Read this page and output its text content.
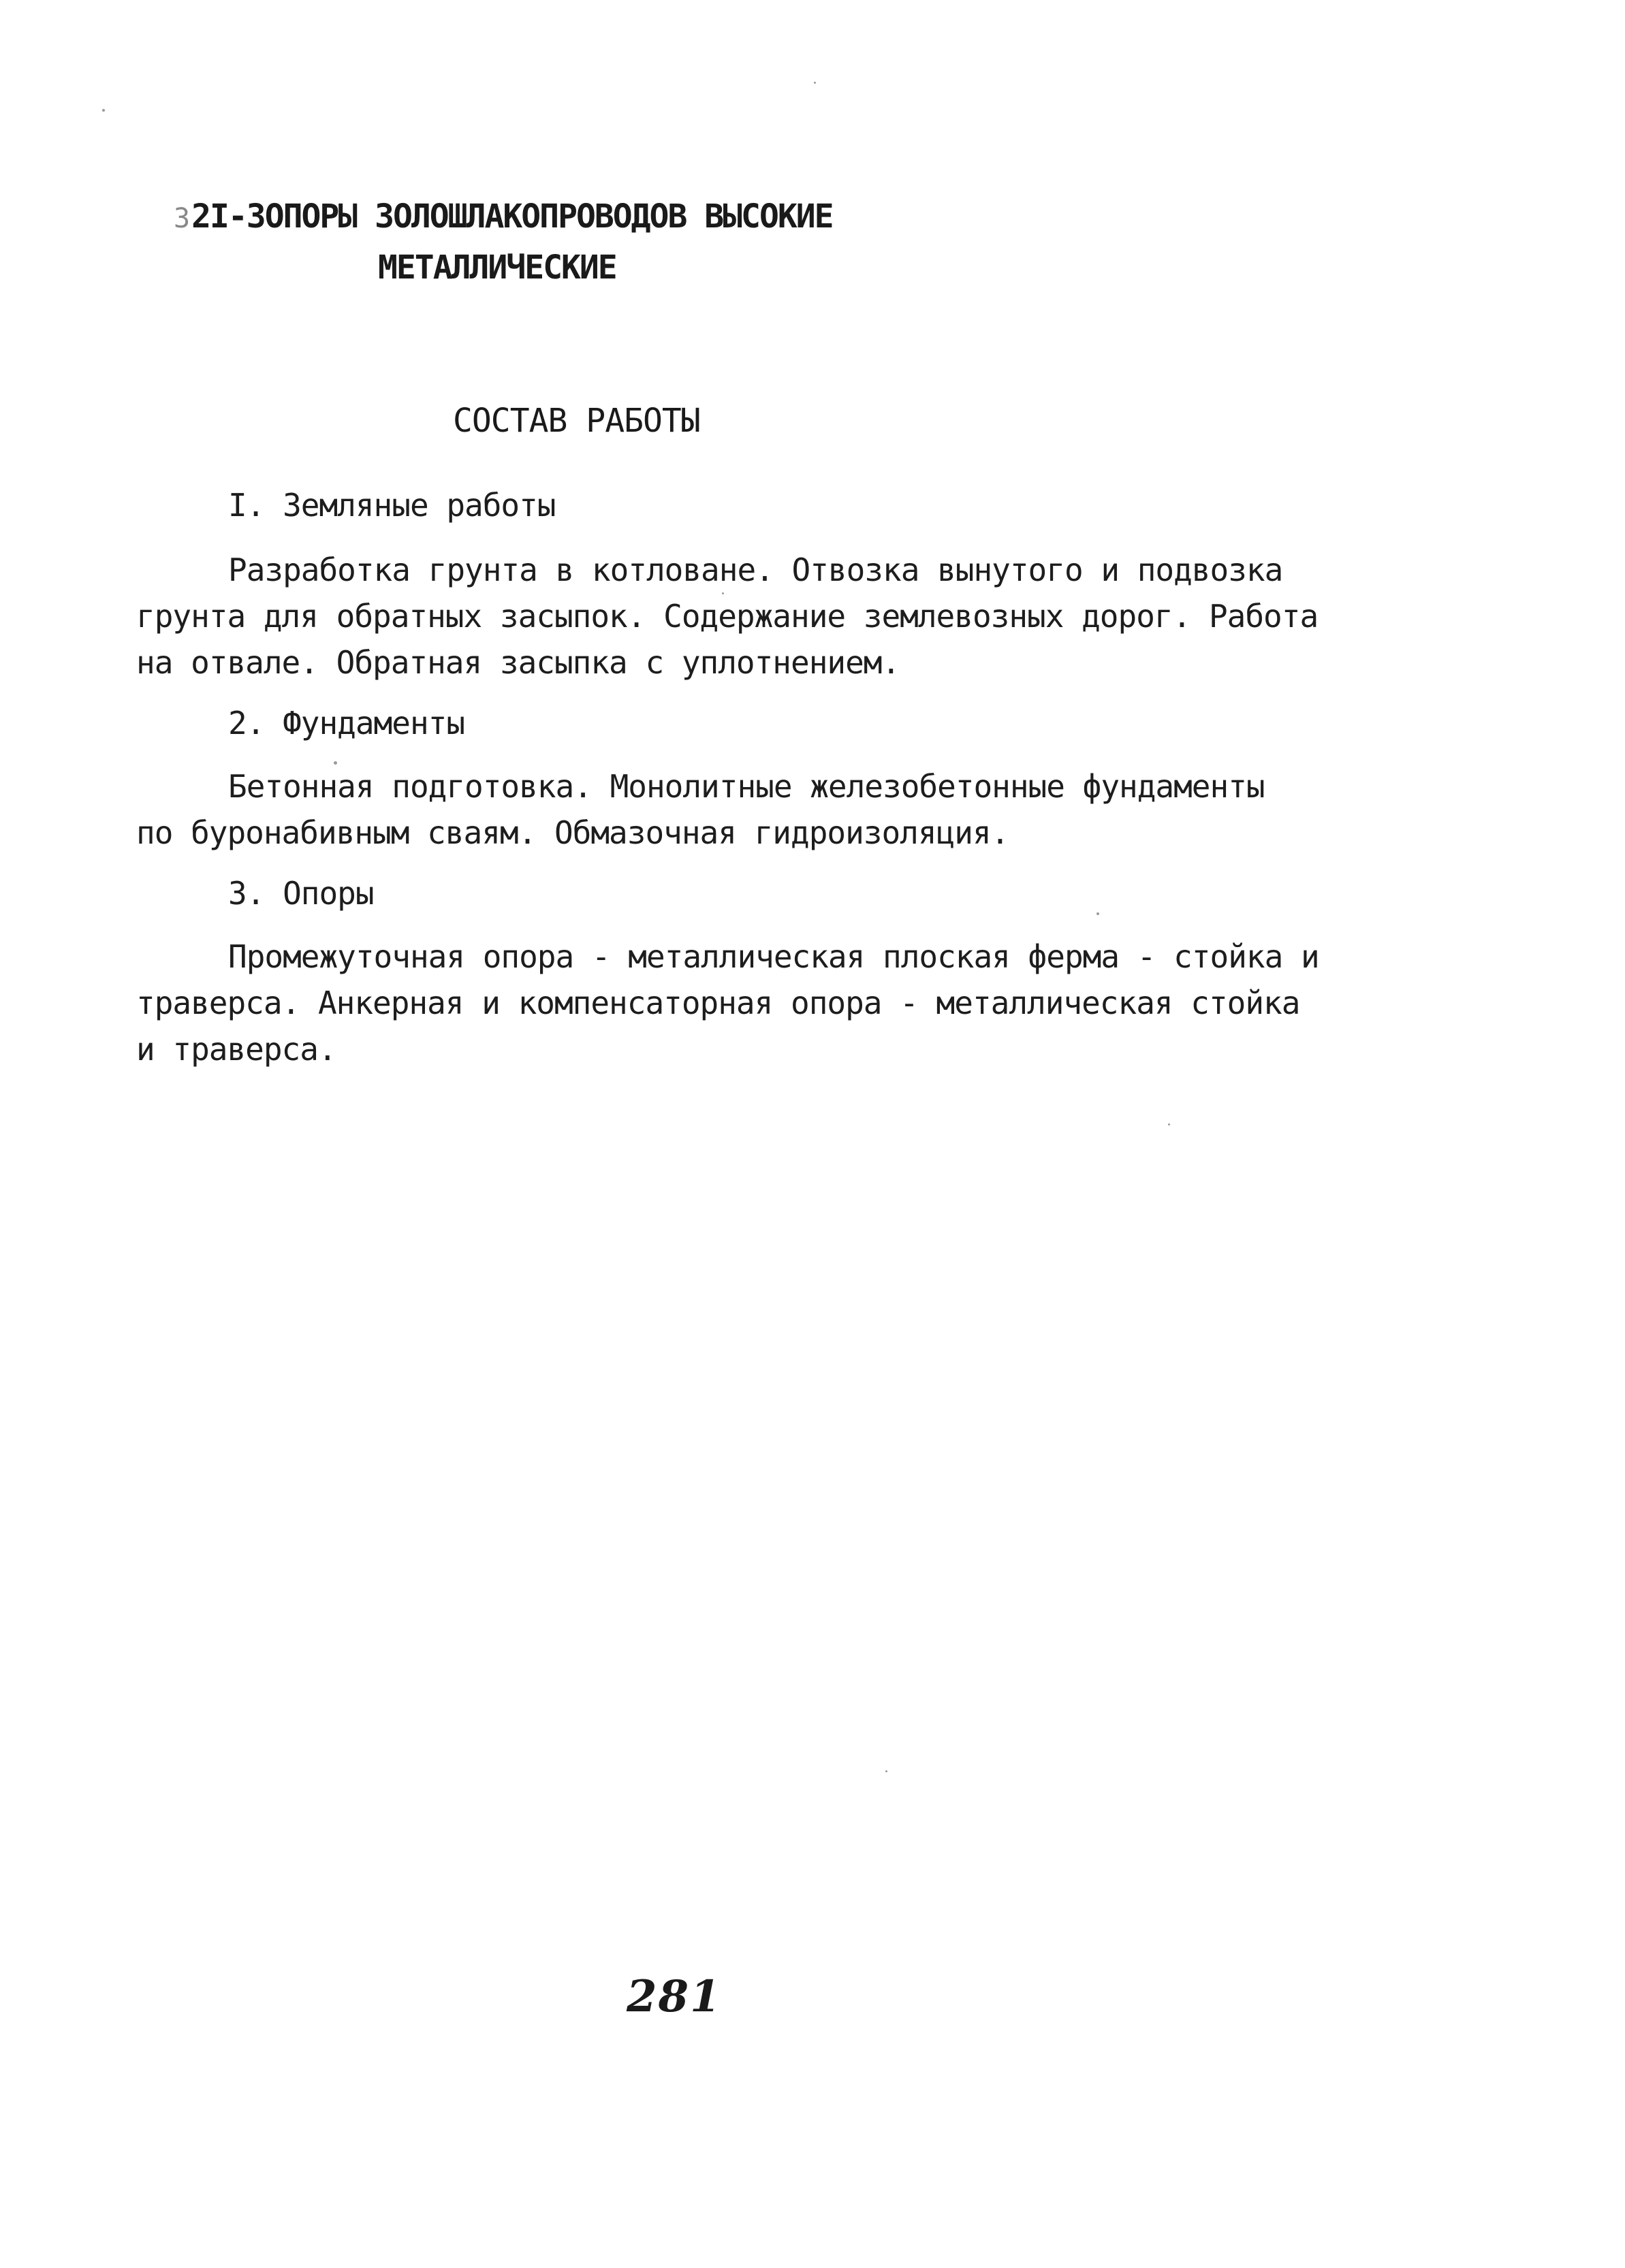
32I-3ОПОРЫ ЗОЛОШЛАКОПРОВОДОВ ВЫСОКИЕ
МЕТАЛЛИЧЕСКИЕ
СОСТАВ РАБОТЫ
I. Земляные работы
Разработка грунта в котловане. Отвозка вынутого и подвозка
грунта для обратных засыпок. Содержание землевозных дорог. Работа
на отвале. Обратная засыпка с уплотнением.
2. Фундаменты
Бетонная подготовка. Монолитные железобетонные фундаменты
по буронабивным сваям. Обмазочная гидроизоляция.
3. Опоры
Промежуточная опора - металлическая плоская ферма - стойка и
траверса. Анкерная и компенсаторная опора - металлическая стойка
и траверса.
281
